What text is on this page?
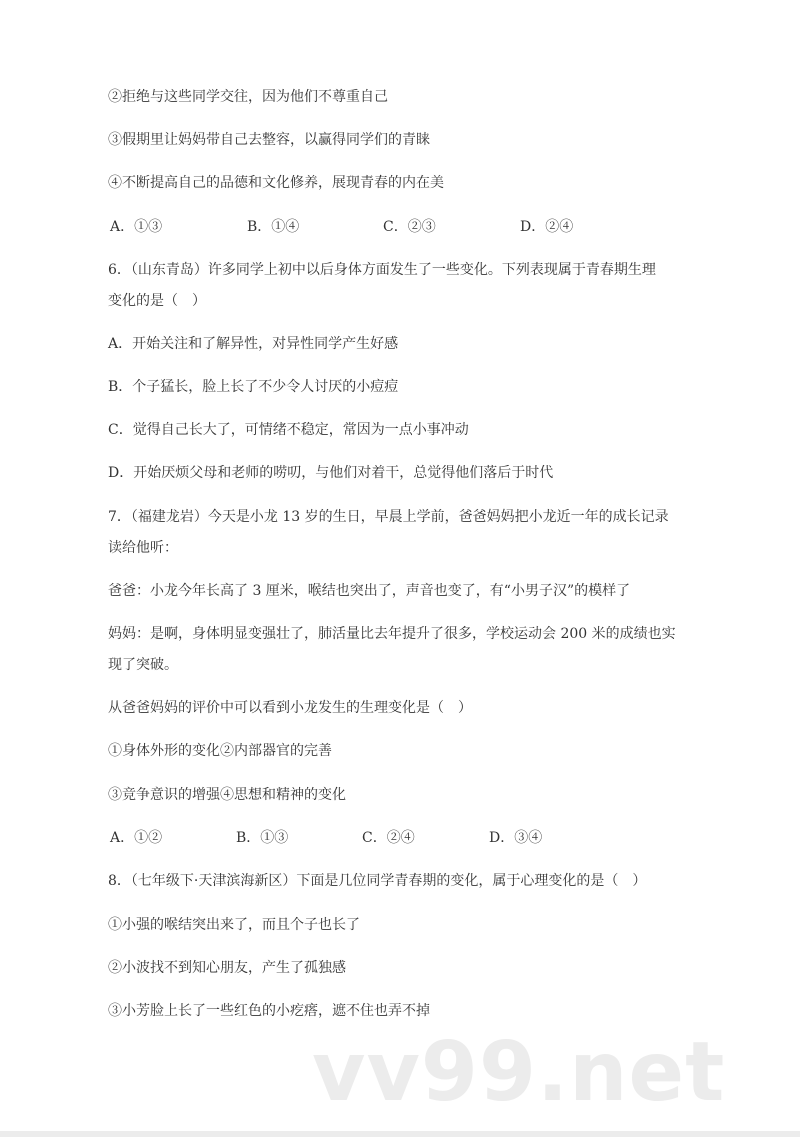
②拒绝与这些同学交往，因为他们不尊重自己
③假期里让妈妈带自己去整容，以赢得同学们的青睐
④不断提高自己的品德和文化修养，展现青春的内在美
A．①③	B．①④	C．②③	D．②④
6．（山东青岛）许多同学上初中以后身体方面发生了一些变化。下列表现属于青春期生理
变化的是（　）
A．开始关注和了解异性，对异性同学产生好感
B．个子猛长，脸上长了不少令人讨厌的小痘痘
C．觉得自己长大了，可情绪不稳定，常因为一点小事冲动
D．开始厌烦父母和老师的唠叨，与他们对着干，总觉得他们落后于时代
7．（福建龙岩）今天是小龙 13 岁的生日，早晨上学前，爸爸妈妈把小龙近一年的成长记录
读给他听：
爸爸：小龙今年长高了 3 厘米，喉结也突出了，声音也变了，有“小男子汉”的模样了
妈妈：是啊，身体明显变强壮了，肺活量比去年提升了很多，学校运动会 200 米的成绩也实
现了突破。
从爸爸妈妈的评价中可以看到小龙发生的生理变化是（　）
①身体外形的变化②内部器官的完善
③竞争意识的增强④思想和精神的变化
A．①②	B．①③	C．②④	D．③④
8．（七年级下·天津滨海新区）下面是几位同学青春期的变化，属于心理变化的是（　）
①小强的喉结突出来了，而且个子也长了
②小波找不到知心朋友，产生了孤独感
③小芳脸上长了一些红色的小疙瘩，遮不住也弄不掉
vv99.net
